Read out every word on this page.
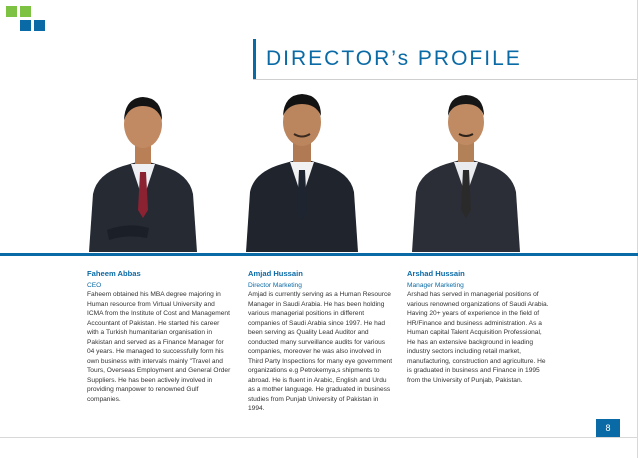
DIRECTOR’s PROFILE

Faheem Abbas

CEO

Faheem obtained his MBA degree majoring in Human resource from Virtual University and ICMA from the Institute of Cost and Management Accountant of Pakistan. He started his career with a Turkish humanitarian organisation in Pakistan and served as a Finance Manager for 04 years. He managed to successfully form his own business with intervals mainly "Travel and Tours, Overseas Employment and General Order Suppliers. He has been actively involved in providing manpower to renowned Gulf companies.

Amjad Hussain

Director Marketing

Amjad is currently serving as a Human Resource Manager in Saudi Arabia. He has been holding various managerial positions in different companies of Saudi Arabia since 1997. He had been serving as Quality Lead Auditor and conducted many surveillance audits for various companies, moreover he was also involved in Third Party Inspections for many eye government organizations e.g Petrokemya,s shipments to abroad. He is fluent in Arabic, English and Urdu as a mother language. He graduated in business studies from Punjab University of Pakistan in 1994.

Arshad Hussain

Manager Marketing

Arshad has served in managerial positions of various renowned organizations of Saudi Arabia. Having 20+ years of experience in the field of HR/Finance and business administration. As a Human capital Talent Acquisition Professional, He has an extensive background in leading industry sectors including retail market, manufacturing, construction and agriculture. He is graduated in business and Finance in 1995 from the University of Punjab, Pakistan.

8
